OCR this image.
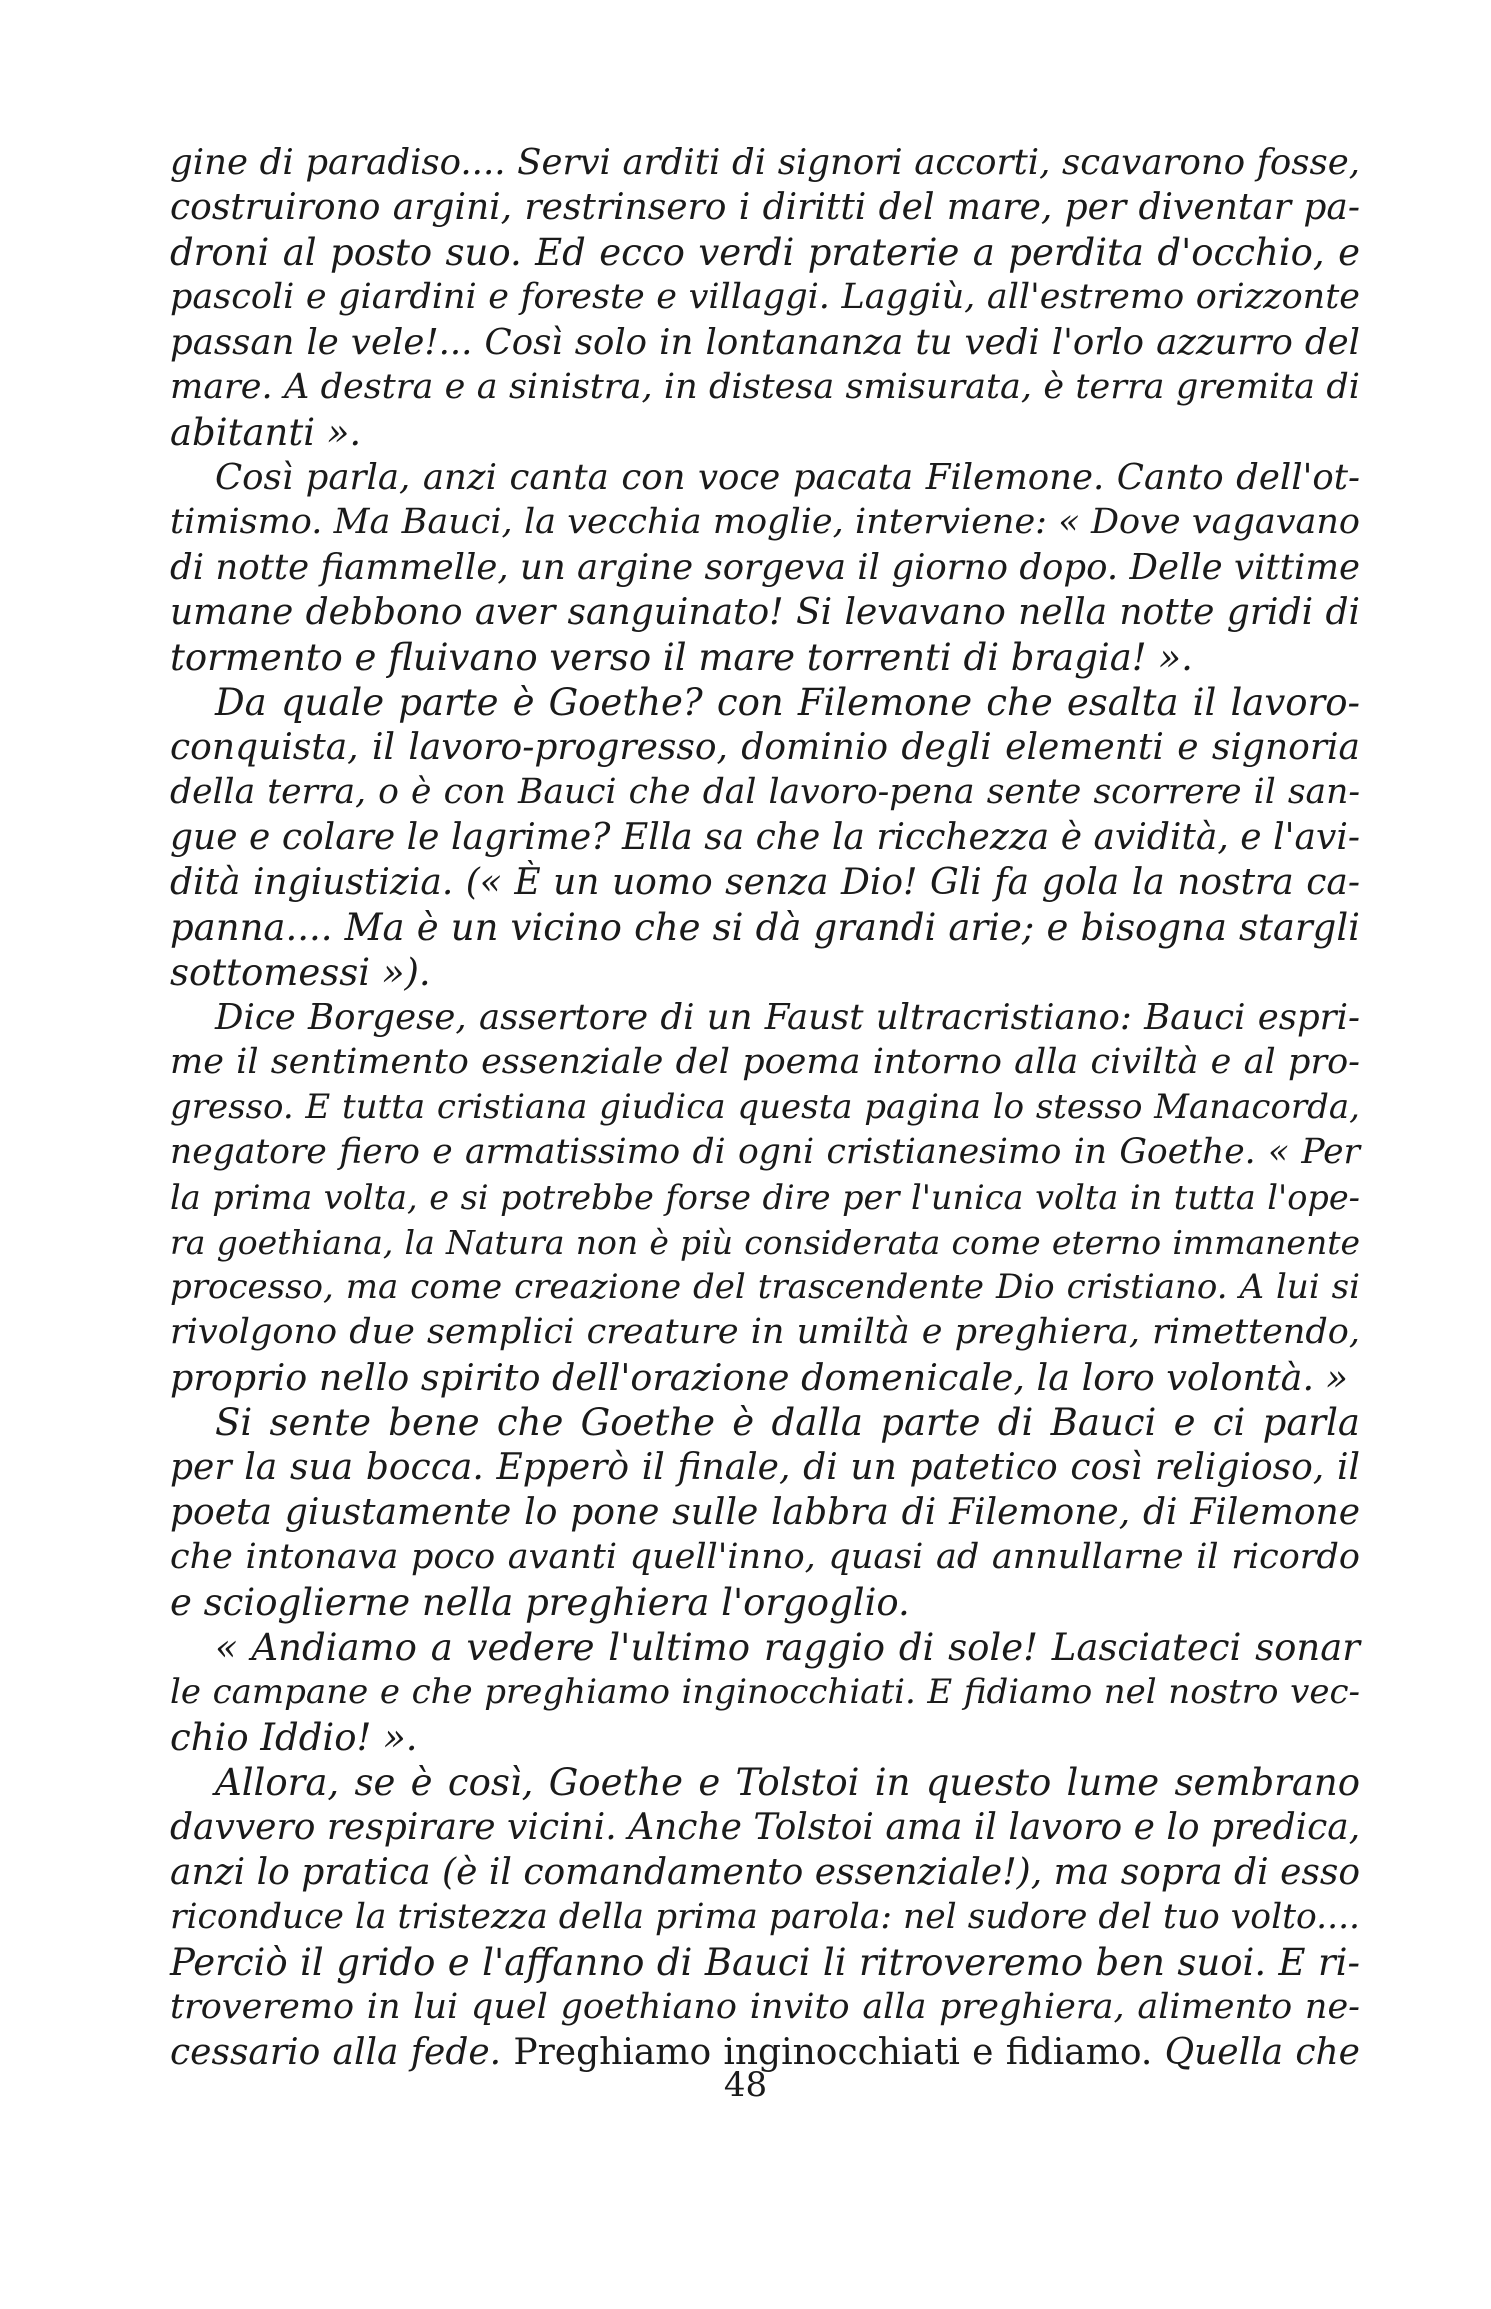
gine di paradiso.... Servi arditi di signori accorti, scavarono fosse,
costruirono argini, restrinsero i diritti del mare, per diventar pa-
droni al posto suo. Ed ecco verdi praterie a perdita d'occhio, e
pascoli e giardini e foreste e villaggi. Laggiù, all'estremo orizzonte
passan le vele!... Così solo in lontananza tu vedi l'orlo azzurro del
mare. A destra e a sinistra, in distesa smisurata, è terra gremita di
abitanti ».
Così parla, anzi canta con voce pacata Filemone. Canto dell'ot-
timismo. Ma Bauci, la vecchia moglie, interviene: « Dove vagavano
di notte fiammelle, un argine sorgeva il giorno dopo. Delle vittime
umane debbono aver sanguinato! Si levavano nella notte gridi di
tormento e fluivano verso il mare torrenti di bragia! ».
Da quale parte è Goethe? con Filemone che esalta il lavoro-
conquista, il lavoro-progresso, dominio degli elementi e signoria
della terra, o è con Bauci che dal lavoro-pena sente scorrere il san-
gue e colare le lagrime? Ella sa che la ricchezza è avidità, e l'avi-
dità ingiustizia. (« È un uomo senza Dio! Gli fa gola la nostra ca-
panna.... Ma è un vicino che si dà grandi arie; e bisogna stargli
sottomessi »).
Dice Borgese, assertore di un Faust ultracristiano: Bauci espri-
me il sentimento essenziale del poema intorno alla civiltà e al pro-
gresso. E tutta cristiana giudica questa pagina lo stesso Manacorda,
negatore fiero e armatissimo di ogni cristianesimo in Goethe. « Per
la prima volta, e si potrebbe forse dire per l'unica volta in tutta l'ope-
ra goethiana, la Natura non è più considerata come eterno immanente
processo, ma come creazione del trascendente Dio cristiano. A lui si
rivolgono due semplici creature in umiltà e preghiera, rimettendo,
proprio nello spirito dell'orazione domenicale, la loro volontà. »
Si sente bene che Goethe è dalla parte di Bauci e ci parla
per la sua bocca. Epperò il finale, di un patetico così religioso, il
poeta giustamente lo pone sulle labbra di Filemone, di Filemone
che intonava poco avanti quell'inno, quasi ad annullarne il ricordo
e scioglierne nella preghiera l'orgoglio.
« Andiamo a vedere l'ultimo raggio di sole! Lasciateci sonar
le campane e che preghiamo inginocchiati. E fidiamo nel nostro vec-
chio Iddio! ».
Allora, se è così, Goethe e Tolstoi in questo lume sembrano
davvero respirare vicini. Anche Tolstoi ama il lavoro e lo predica,
anzi lo pratica (è il comandamento essenziale!), ma sopra di esso
riconduce la tristezza della prima parola: nel sudore del tuo volto....
Perciò il grido e l'affanno di Bauci li ritroveremo ben suoi. E ri-
troveremo in lui quel goethiano invito alla preghiera, alimento ne-
cessario alla fede. Preghiamo inginocchiati e fidiamo. Quella che
48
